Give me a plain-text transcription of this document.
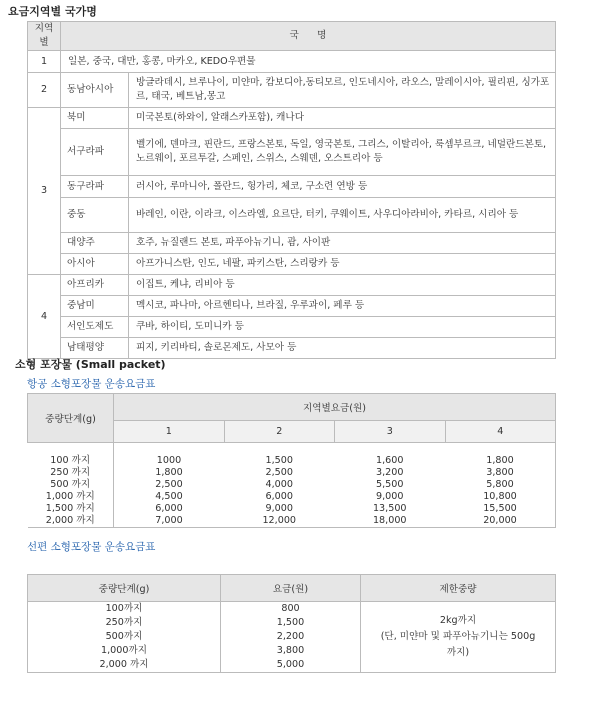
요금지역별 국가명
지역별	국      명	
1	일본, 중국, 대만, 홍콩, 마카오, KEDO우편물	
2	동남아시아	방글라데시, 브루나이, 미얀마, 캄보디아,동티모르, 인도네시아, 라오스, 말레이시아, 필리핀, 싱가포르, 태국, 베트남,몽고
3	북미	미국본토(하와이, 알래스카포함), 캐나다
	서구라파	벨기에, 덴마크, 핀란드, 프랑스본토, 독일, 영국본토, 그리스, 이탈리아, 룩셈부르크, 네덜란드본토, 노르웨이, 포르투갈, 스페인, 스위스, 스웨덴, 오스트리아 등
	동구라파	러시아, 루마니아, 폴란드, 헝가리, 체코, 구소련 연방 등
	중동	바레인, 이란, 이라크, 이스라엘, 요르단, 터키, 쿠웨이트, 사우디아라비아, 카타르, 시리아 등
	대양주	호주, 뉴질랜드 본토, 파푸아뉴기니, 괌, 사이판
	아시아	아프가니스탄, 인도, 네팔, 파키스탄, 스리랑카 등
4	아프리카	이집트, 케냐, 리비아 등
	중남미	멕시코, 파나마, 아르헨티나, 브라질, 우루과이, 페루 등
	서인도제도	쿠바, 하이티, 도미니카 등
	남태평양	피지, 키리바티, 솔로몬제도, 사모아 등
소형 포장물 (Small packet)
항공 소형포장물 운송요금표
중량단계(g)	지역별요금(원)			
	1	2	3	4

100 까지	1000	1,500	1,600	1,800
250 까지	1,800	2,500	3,200	3,800
500 까지	2,500	4,000	5,500	5,800
1,000 까지	4,500	6,000	9,000	10,800
1,500 까지	6,000	9,000	13,500	15,500
2,000 까지	7,000	12,000	18,000	20,000
선편 소형포장물 운송요금표
중량단계(g)	요금(원)	제한중량
100까지	800	2kg까지
(단, 미얀마 및 파푸아뉴기니는 500g
까지)

250까지	1,500	
500까지	2,200	
1,000까지	3,800	
2,000 까지	5,000	
